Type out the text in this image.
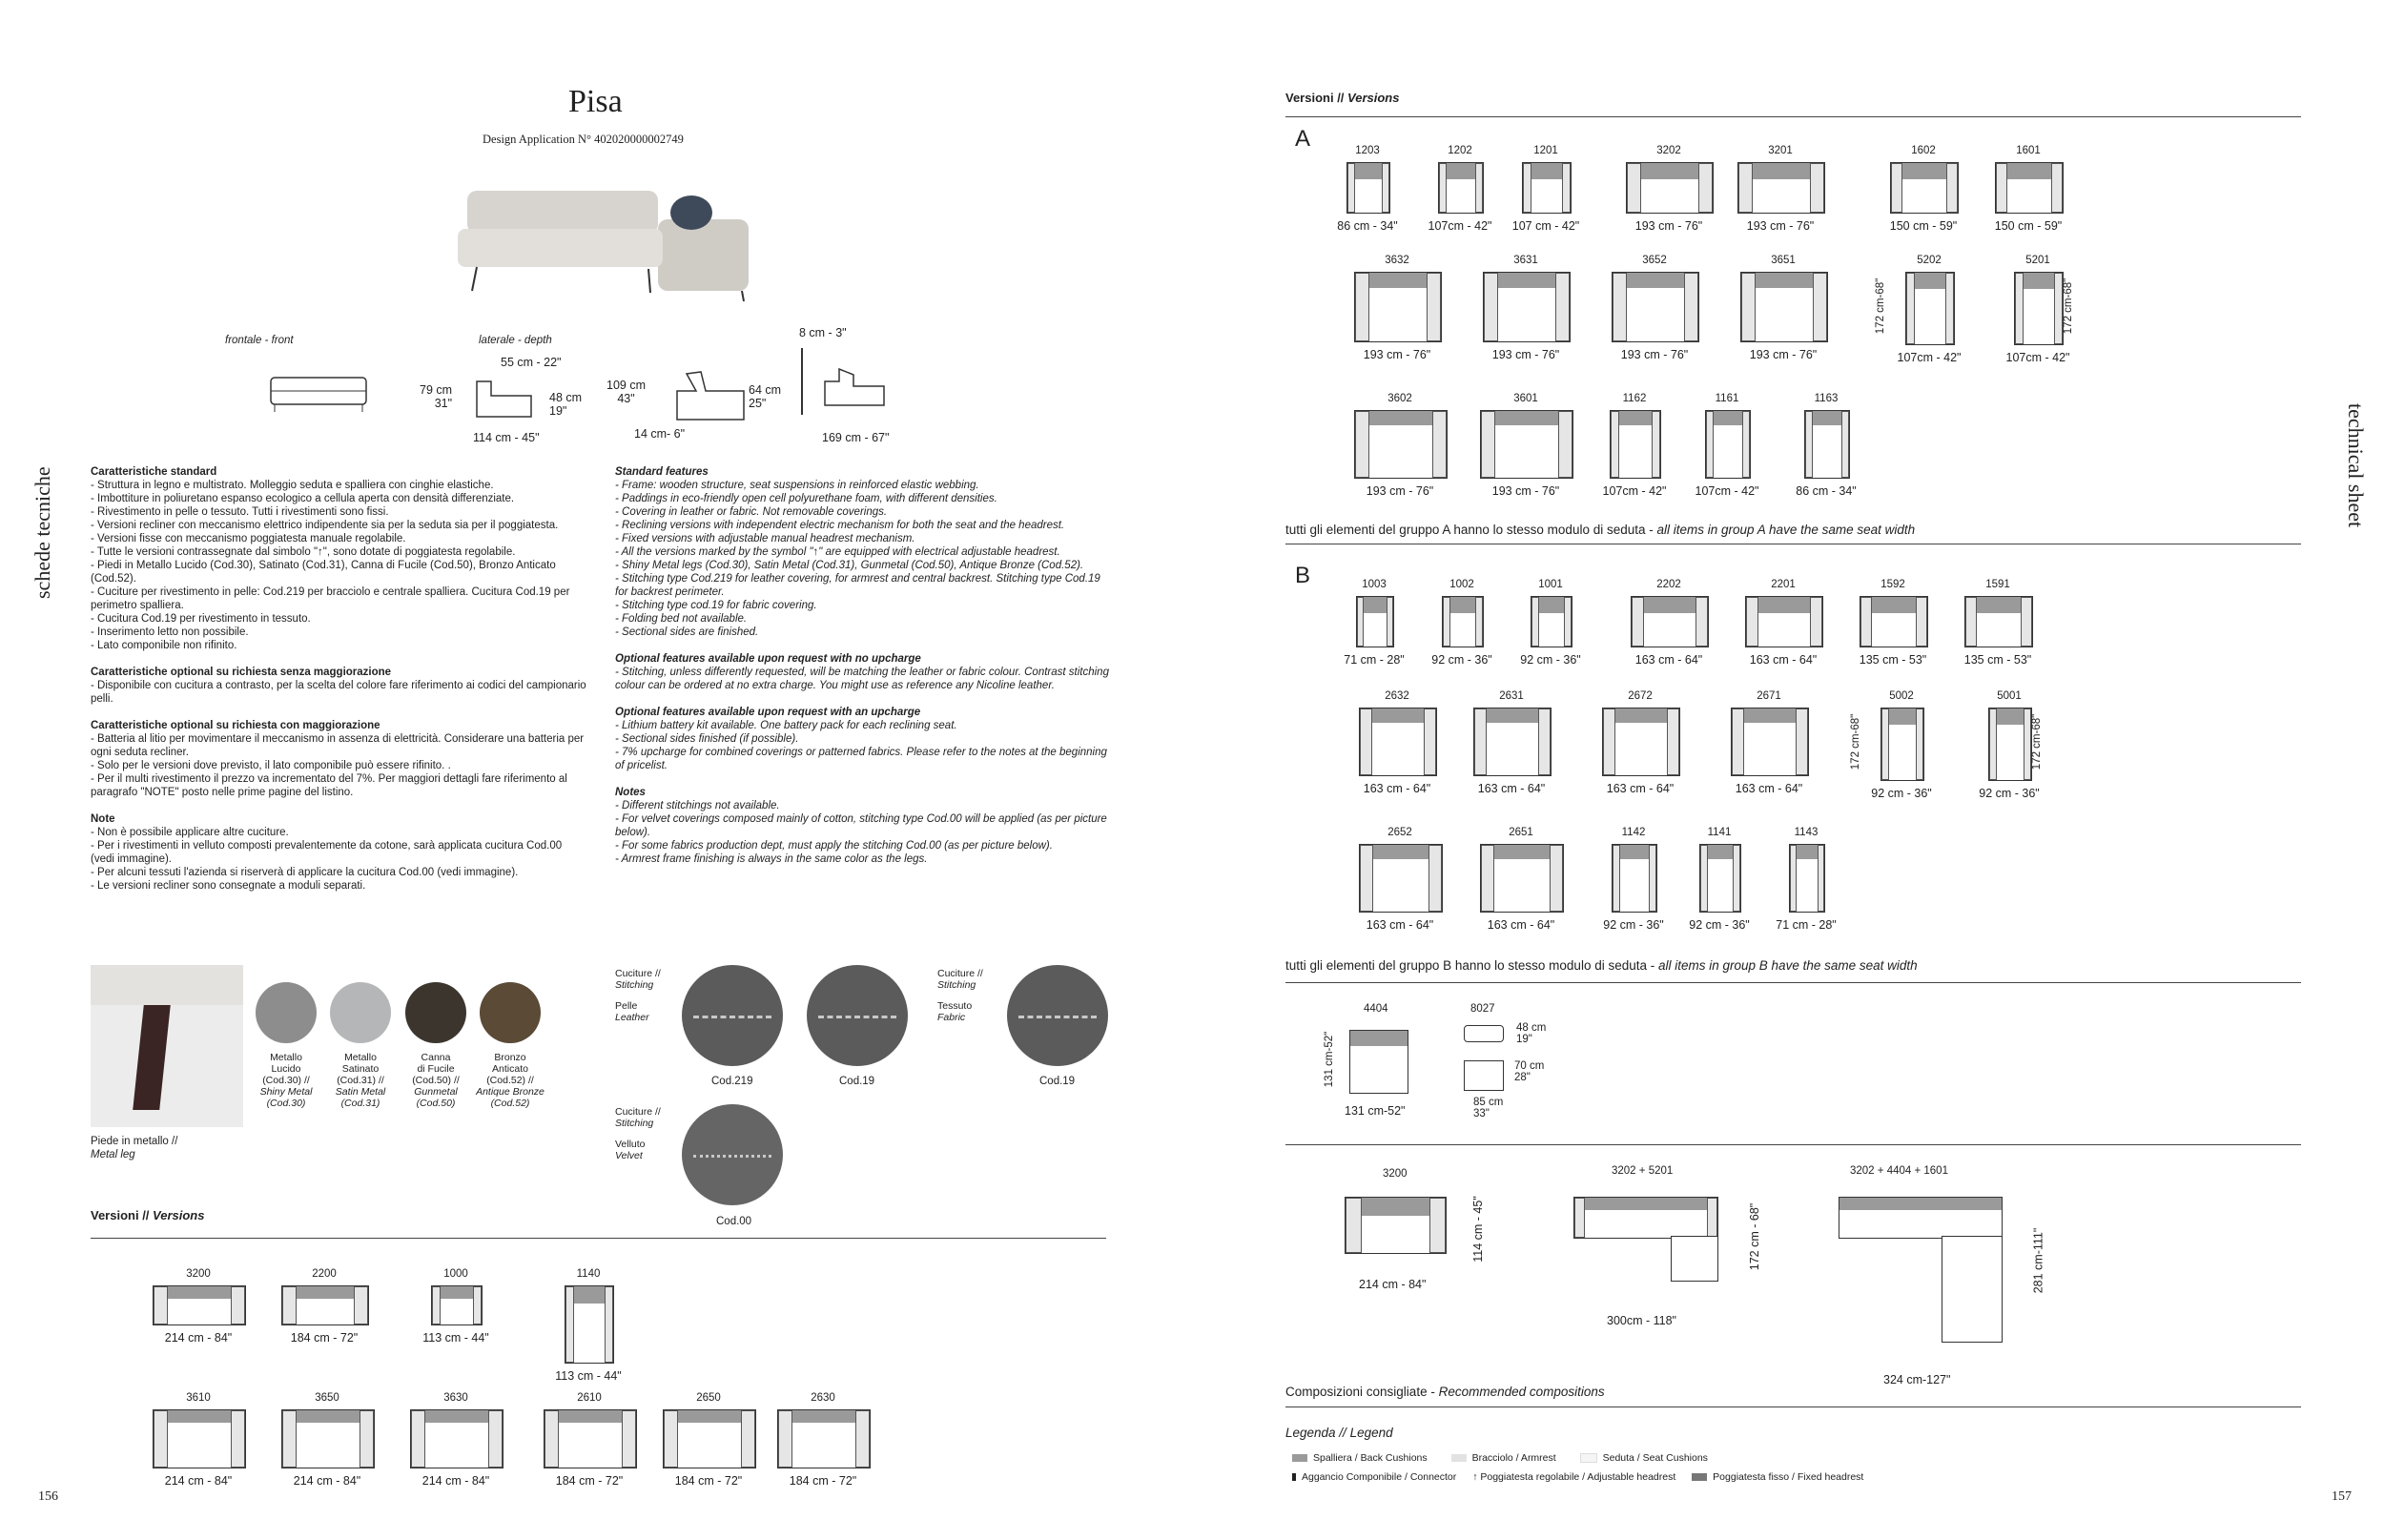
Pisa
Design Application N° 402020000002749
frontale - front	laterale - depth
55 cm - 22"
79 cm
31"	48 cm
19"
114 cm - 45"
109 cm
43"
64 cm
25"
14 cm- 6"
8 cm - 3"
169 cm - 67"
Caratteristiche standard
- Struttura in legno e multistrato. Molleggio seduta e spalliera con cinghie elastiche.
- Imbottiture in poliuretano espanso ecologico a cellula aperta con densità differenziate.
- Rivestimento in pelle o tessuto. Tutti i rivestimenti sono fissi.
- Versioni recliner con meccanismo elettrico indipendente sia per la seduta sia per il poggiatesta.
- Versioni fisse con meccanismo poggiatesta manuale regolabile.
- Tutte le versioni contrassegnate dal simbolo "↑", sono dotate di poggiatesta regolabile.
- Piedi in Metallo Lucido (Cod.30), Satinato (Cod.31), Canna di Fucile (Cod.50), Bronzo Anticato (Cod.52).
- Cuciture per rivestimento in pelle: Cod.219 per bracciolo e centrale spalliera. Cucitura Cod.19 per perimetro spalliera.
- Cucitura Cod.19 per rivestimento in tessuto.
- Inserimento letto non possibile.
- Lato componibile non rifinito.
Caratteristiche optional su richiesta senza maggiorazione
- Disponibile con cucitura a contrasto, per la scelta del colore fare riferimento ai codici del campionario pelli.
Caratteristiche optional su richiesta con maggiorazione
- Batteria al litio per movimentare il meccanismo in assenza di elettricità. Considerare una batteria per ogni seduta recliner.
- Solo per le versioni dove previsto, il lato componibile può essere rifinito. .
- Per il multi rivestimento il prezzo va incrementato del 7%. Per maggiori dettagli fare riferimento al paragrafo "NOTE" posto nelle prime pagine del listino.
Note
- Non è possibile applicare altre cuciture.
- Per i rivestimenti in velluto composti prevalentemente da cotone, sarà applicata cucitura Cod.00 (vedi immagine).
- Per alcuni tessuti l'azienda si riserverà di applicare la cucitura Cod.00 (vedi immagine).
- Le versioni recliner sono consegnate a moduli separati.
Standard features
- Frame: wooden structure, seat suspensions in reinforced elastic webbing.
- Paddings in eco-friendly open cell polyurethane foam, with different densities.
- Covering in leather or fabric. Not removable coverings.
- Reclining versions with independent electric mechanism for both the seat and the headrest.
- Fixed versions with adjustable manual headrest mechanism.
- All the versions marked by the symbol "↑" are equipped with electrical adjustable headrest.
- Shiny Metal legs (Cod.30), Satin Metal (Cod.31), Gunmetal (Cod.50), Antique Bronze (Cod.52).
- Stitching type Cod.219 for leather covering, for armrest and central backrest. Stitching type Cod.19 for backrest perimeter.
- Stitching type cod.19 for fabric covering.
- Folding bed not available.
- Sectional sides are finished.
Optional features available upon request with no upcharge
- Stitching, unless differently requested, will be matching the leather or fabric colour. Contrast stitching colour can be ordered at no extra charge. You might use as reference any Nicoline leather.
Optional features available upon request with an upcharge
- Lithium battery kit available. One battery pack for each reclining seat.
- Sectional sides finished (if possible).
- 7% upcharge for combined coverings or patterned fabrics. Please refer to the notes at the beginning of pricelist.
Notes
- Different stitchings not available.
- For velvet coverings composed mainly of cotton, stitching type Cod.00 will be applied (as per picture below).
- For some fabrics production dept, must apply the stitching Cod.00 (as per picture below).
- Armrest frame finishing is always in the same color as the legs.
Piede in metallo //
Metal leg
Metallo
Lucido
(Cod.30) //
Shiny Metal
(Cod.30)
Metallo
Satinato
(Cod.31) //
Satin Metal
(Cod.31)
Canna
di Fucile
(Cod.50) //
Gunmetal
(Cod.50)
Bronzo
Anticato
(Cod.52) //
Antique Bronze
(Cod.52)
Cuciture //
Stitching
Pelle
Leather
Cuciture //
Stitching
Tessuto
Fabric
Cod.219	Cod.19	Cod.19
Cuciture //
Stitching
Velluto
Velvet
Cod.00
Versioni // Versions
3200
214 cm - 84"
2200
184 cm - 72"
1000
113 cm - 44"
1140
113 cm - 44"
3610
214 cm - 84"
3650
214 cm - 84"
3630
214 cm - 84"
2610
184 cm - 72"
2650
184 cm - 72"
2630
184 cm - 72"
schede tecniche
156
Versioni // Versions
A	1203
86 cm - 34"
1202
107cm - 42"
1201
107 cm - 42"
3202
193 cm - 76"
3201
193 cm - 76"
1602
150 cm - 59"
1601
150 cm - 59"
3632
193 cm - 76"
3631
193 cm - 76"
3652
193 cm - 76"
3651
193 cm - 76"
5202
107cm - 42"
172 cm-68"
5201
107cm - 42"
172 cm-68"
3602
193 cm - 76"
3601
193 cm - 76"
1162
107cm - 42"
1161
107cm - 42"
1163
86 cm - 34"
tutti gli elementi del gruppo A hanno lo stesso modulo di seduta - all items in group A have the same seat width
B	1003
71 cm - 28"
1002
92 cm - 36"
1001
92 cm - 36"
2202
163 cm - 64"
2201
163 cm - 64"
1592
135 cm - 53"
1591
135 cm - 53"
2632
163 cm - 64"
2631
163 cm - 64"
2672
163 cm - 64"
2671
163 cm - 64"
5002
92 cm - 36"
172 cm-68"
5001
92 cm - 36"
172 cm-68"
2652
163 cm - 64"
2651
163 cm - 64"
1142
92 cm - 36"
1141
92 cm - 36"
1143
71 cm - 28"
tutti gli elementi del gruppo B hanno lo stesso modulo di seduta - all items in group B have the same seat width
4404
131 cm-52"
131 cm-52"
8027
48 cm
19"
70 cm
28"
85 cm
33"
3200
214 cm - 84"
114 cm - 45"
3202 + 5201
300cm - 118"
172 cm - 68"
3202 + 4404 + 1601
324 cm-127"
281 cm-111"
Composizioni consigliate - Recommended compositions
Legenda // Legend
Spalliera / Back Cushions	Bracciolo / Armrest	Seduta / Seat Cushions
Aggancio Componibile / Connector ↑ Poggiatesta regolabile / Adjustable headrest	Poggiatesta fisso / Fixed headrest
technical sheet
157
